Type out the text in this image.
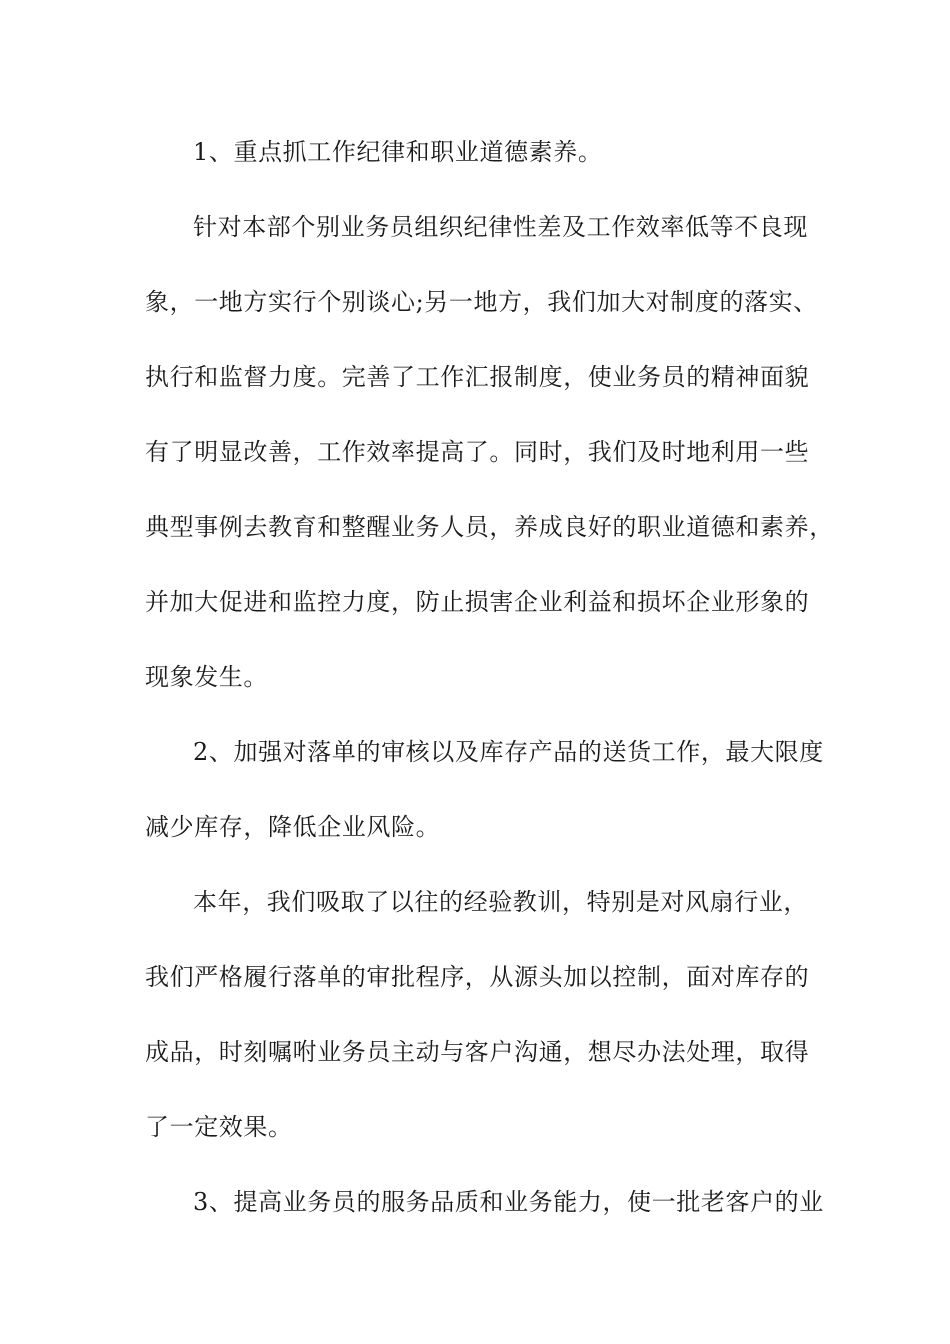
1、重点抓工作纪律和职业道德素养。

针对本部个别业务员组织纪律性差及工作效率低等不良现

象，一地方实行个别谈心;另一地方，我们加大对制度的落实、

执行和监督力度。完善了工作汇报制度，使业务员的精神面貌

有了明显改善，工作效率提高了。同时，我们及时地利用一些

典型事例去教育和整醒业务人员，养成良好的职业道德和素养，

并加大促进和监控力度，防止损害企业利益和损坏企业形象的

现象发生。

2、加强对落单的审核以及库存产品的送货工作，最大限度

减少库存，降低企业风险。

本年，我们吸取了以往的经验教训，特别是对风扇行业，

我们严格履行落单的审批程序，从源头加以控制，面对库存的

成品，时刻嘱咐业务员主动与客户沟通，想尽办法处理，取得

了一定效果。

3、提高业务员的服务品质和业务能力，使一批老客户的业
